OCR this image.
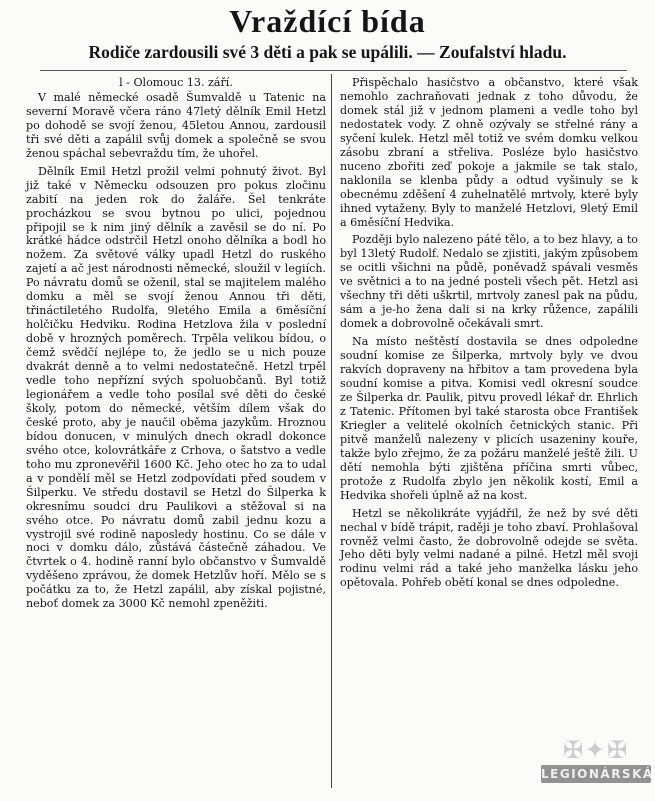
Vraždící bída
Rodiče zardousili své 3 děti a pak se upálili. — Zoufalství hladu.
l - Olomouc 13. září.

V malé německé osadě Šumvaldě u Tatenic na severní Moravě včera ráno 47letý dělník Emil Hetzl po dohodě se svojí ženou, 45letou Annou, zardousil tři své děti a zapálil svůj domek a společně se svou ženou spáchal sebevraždu tím, že uhořel.

Dělník Emil Hetzl prožil velmi pohnutý život. Byl již také v Německu odsouzen pro pokus zločinu zabití na jeden rok do žaláře. Šel tenkráte procházkou se svou bytnou po ulici, pojednou připojil se k nim jiný dělník a zavěsil se do ní. Po krátké hádce odstrčil Hetzl onoho dělníka a bodl ho nožem. Za světové války upadl Hetzl do ruského zajetí a ač jest národnosti německé, sloužil v legiích. Po návratu domů se oženil, stal se majitelem malého domku a měl se svojí ženou Annou tři děti, třináctiletého Rudolfa, 9letého Emila a 6měsíční holčičku Hedviku. Rodina Hetzlova žila v poslední době v hrozných poměrech. Trpěla velikou bídou, o čemž svědčí nejlépe to, že jedlo se u nich pouze dvakrát denně a to velmi nedostatečně. Hetzl trpěl vedle toho nepřízní svých spoluobčanů. Byl totiž legionářem a vedle toho posílal své děti do české školy, potom do německé, větším dílem však do české proto, aby je naučil oběma jazykům. Hroznou bídou donucen, v minulých dnech okradl dokonce svého otce, kolovrátkáře z Crhova, o šatstvo a vedle toho mu zpronevěřil 1600 Kč. Jeho otec ho za to udal a v pondělí měl se Hetzl zodpovídati před soudem v Šilperku. Ve středu dostavil se Hetzl do Šilperka k okresnímu soudci dru Paulikovi a stěžoval si na svého otce. Po návratu domů zabil jednu kozu a vystrojil své rodině naposledy hostinu. Co se dále v noci v domku dálo, zůstává částečně záhadou. Ve čtvrtek o 4. hodině ranní bylo občanstvo v Šumvaldě vyděšeno zprávou, že domek Hetzlův hoří. Mělo se s počátku za to, že Hetzl zapálil, aby získal pojistné, neboť domek za 3000 Kč nemohl zpeněžiti.

Přispěchalo hasičstvo a občanstvo, které však nemohlo zachraňovati jednak z toho důvodu, že domek stál již v jednom plameni a vedle toho byl nedostatek vody. Z ohně ozývaly se střelné rány a syčení kulek. Hetzl měl totiž ve svém domku velkou zásobu zbraní a střeliva. Posléze bylo hasičstvo nuceno zbořiti zeď pokoje a jakmile se tak stalo, naklonila se klenba půdy a odtud vyšinuly se k obecnému zděšení 4 zuhelnatělé mrtvoly, které byly ihned vytaženy. Byly to manželé Hetzlovi, 9letý Emil a 6měsíční Hedvika.

Později bylo nalezeno páté tělo, a to bez hlavy, a to byl 13letý Rudolf. Nedalo se zjistiti, jakým způsobem se ocitli všichni na půdě, poněvadž spávali vesměs ve světnici a to na jedné posteli všech pět. Hetzl asi všechny tři děti uškrtil, mrtvoly zanesl pak na půdu, sám a je-ho žena dali si na krky růžence, zapálili domek a dobrovolně očekávali smrt.

Na místo neštěstí dostavila se dnes odpoledne soudní komise ze Šilperka, mrtvoly byly ve dvou rakvích dopraveny na hřbitov a tam provedena byla soudní komise a pitva. Komisi vedl okresní soudce ze Šilperka dr. Paulik, pitvu provedl lékař dr. Ehrlich z Tatenic. Přítomen byl také starosta obce František Kriegler a velitelé okolních četnických stanic. Při pitvě manželů nalezeny v plicích usazeniny kouře, takže bylo zřejmo, že za požáru manželé ještě žili. U dětí nemohla býti zjištěna příčina smrti vůbec, protože z Rudolfa zbylo jen několik kostí, Emil a Hedvika shořeli úplně až na kost.

Hetzl se několikráte vyjádřil, že než by své děti nechal v bídě trápit, raději je toho zbaví. Prohlašoval rovněž velmi často, že dobrovolně odejde se světa. Jeho děti byly velmi nadané a pilné. Hetzl měl svoji rodinu velmi rád a také jeho manželka lásku jeho opětovala. Pohřeb obětí konal se dnes odpoledne.

✠✦✠
LEGIONÁRSKÁ
